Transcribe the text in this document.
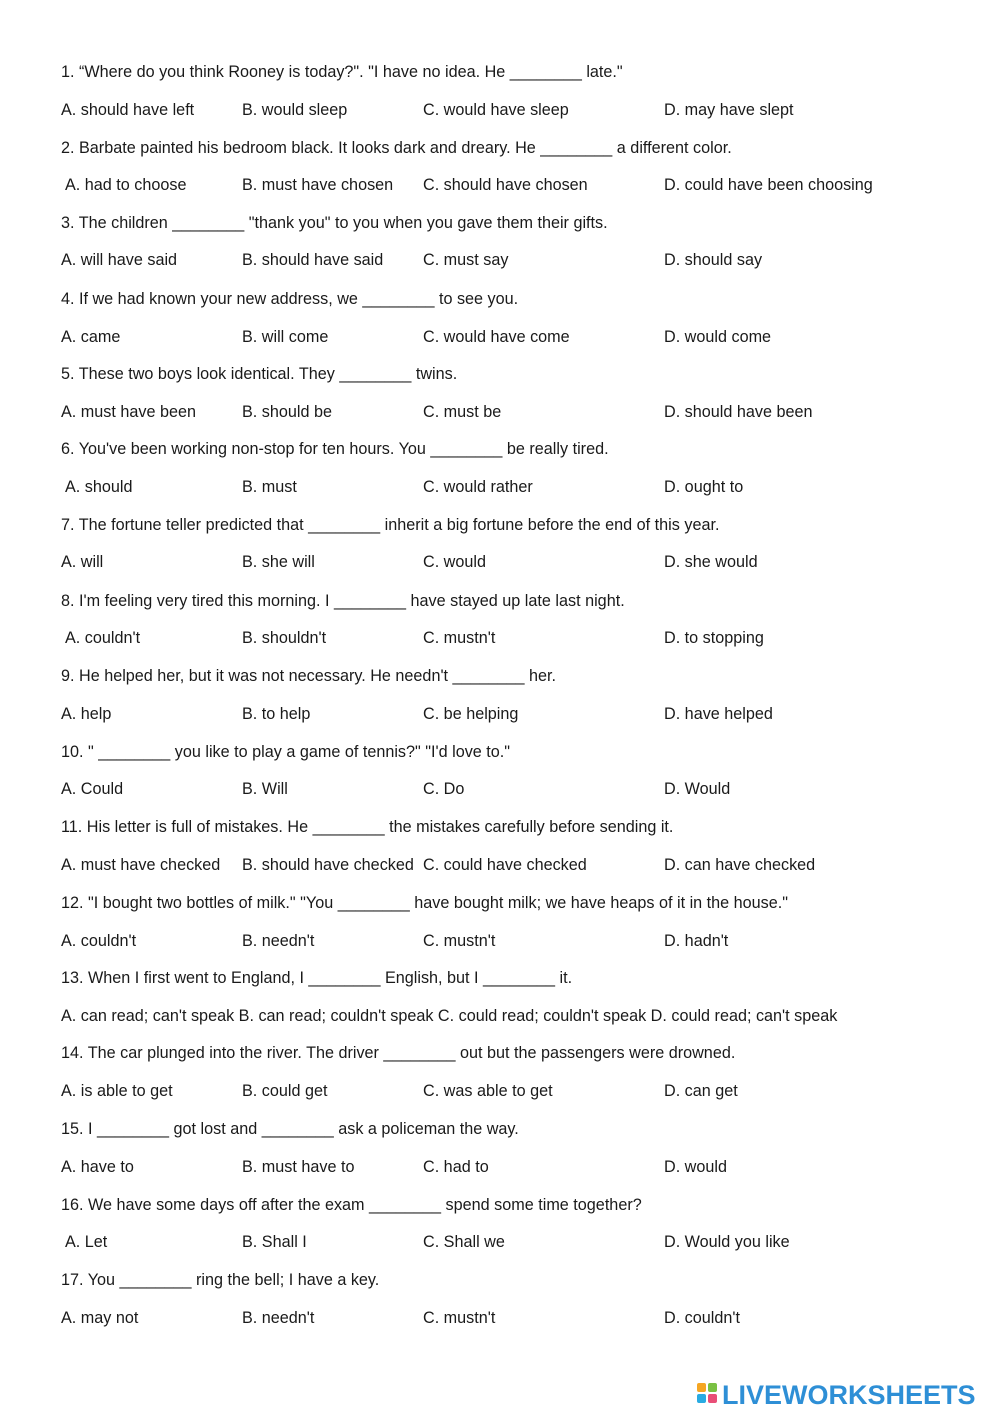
1. “Where do you think Rooney is today?". "I have no idea. He ________ late."
A. should have left	B. would sleep	C. would have sleep	D. may have slept
2. Barbate painted his bedroom black. It looks dark and dreary. He ________ a different color.
A. had to choose	B. must have chosen C. should have chosen	D. could have been choosing
3. The children ________ "thank you" to you when you gave them their gifts.
A. will have said	B. should have said C. must say	D. should say
4. If we had known your new address, we ________ to see you.
A. came	B. will come	C. would have come	D. would come
5. These two boys look identical. They ________ twins.
A. must have been	B. should be	C. must be	D. should have been
6. You've been working non-stop for ten hours. You ________ be really tired.
A. should	B. must	C. would rather	D. ought to
7. The fortune teller predicted that ________ inherit a big fortune before the end of this year.
A. will	B. she will	C. would	D. she would
8. I'm feeling very tired this morning. I ________ have stayed up late last night.
A. couldn't	B. shouldn't	C. mustn't	D. to stopping
9. He helped her, but it was not necessary. He needn't ________ her.
A. help	B. to help	C. be helping	D. have helped
10. " ________ you like to play a game of tennis?" "I'd love to."
A. Could	B. Will	C. Do	D. Would
11. His letter is full of mistakes. He ________ the mistakes carefully before sending it.
A. must have checked B. should have checked C. could have checked	D. can have checked
12. "I bought two bottles of milk." "You ________ have bought milk; we have heaps of it in the house."
A. couldn't	B. needn't	C. mustn't	D. hadn't
13. When I first went to England, I ________ English, but I ________ it.
A. can read; can't speak B. can read; couldn't speak C. could read; couldn't speak D. could read; can't speak
14. The car plunged into the river. The driver ________ out but the passengers were drowned.
A. is able to get	B. could get	C. was able to get	D. can get
15. I ________ got lost and ________ ask a policeman the way.
A. have to	B. must have to	C. had to	D. would
16. We have some days off after the exam ________ spend some time together?
A. Let	B. Shall I	C. Shall we	D. Would you like
17. You ________ ring the bell; I have a key.
A. may not	B. needn't	C. mustn't	D. couldn't
LIVEWORKSHEETS
